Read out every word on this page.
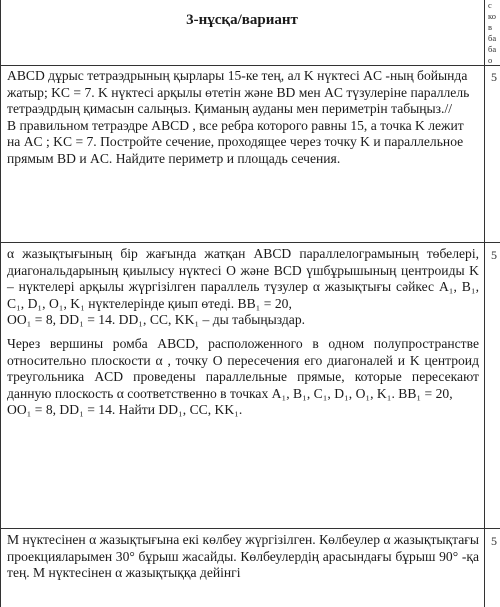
3-нұсқа/вариант
с
ко
в
ба
ба
о

ABCD дұрыс тетраэдрының қырлары 15-ке тең, ал K нүктесі AC -ның бойында жатыр; KC = 7. K нүктесі арқылы өтетін және BD мен AC түзулеріне параллель тетраэдрдың қимасын салыңыз. Қиманың ауданы мен периметрін табыңыз.//

В правильном тетраэдре ABCD , все ребра которого равны 15, а точка K лежит на AC ; KC = 7. Постройте сечение, проходящее через точку K и параллельное прямым BD и AC. Найдите периметр и площадь сечения.

5

α жазықтығының бір жағында жатқан ABCD параллелограмының төбелері, диагональдарының қиылысу нүктесі O және BCD үшбұрышының центроиды K – нүктелері арқылы жүргізілген параллель түзулер α жазықтығы сәйкес A₁, B₁, C₁, D₁, O₁, K₁ нүктелерінде қиып өтеді. BB₁ = 20,

OO₁ = 8, DD₁ = 14. DD₁, CC, KK₁ – ды табыңыздар.

Через вершины ромба ABCD, расположенного в одном полупространстве относительно плоскости α , точку O пересечения его диагоналей и K центроид треугольника ACD проведены параллельные прямые, которые пересекают данную плоскость α соответственно в точках A₁, B₁, C₁, D₁, O₁, K₁. BB₁ = 20,

OO₁ = 8, DD₁ = 14. Найти DD₁, CC, KK₁.

5

M нүктесінен α жазықтығына екі көлбеу жүргізілген. Көлбеулер α жазықтықтағы проекцияларымен 30° бұрыш жасайды. Көлбеулердің арасындағы бұрыш 90° -қа тең. M нүктесінен α жазықтыққа дейінгі

5
